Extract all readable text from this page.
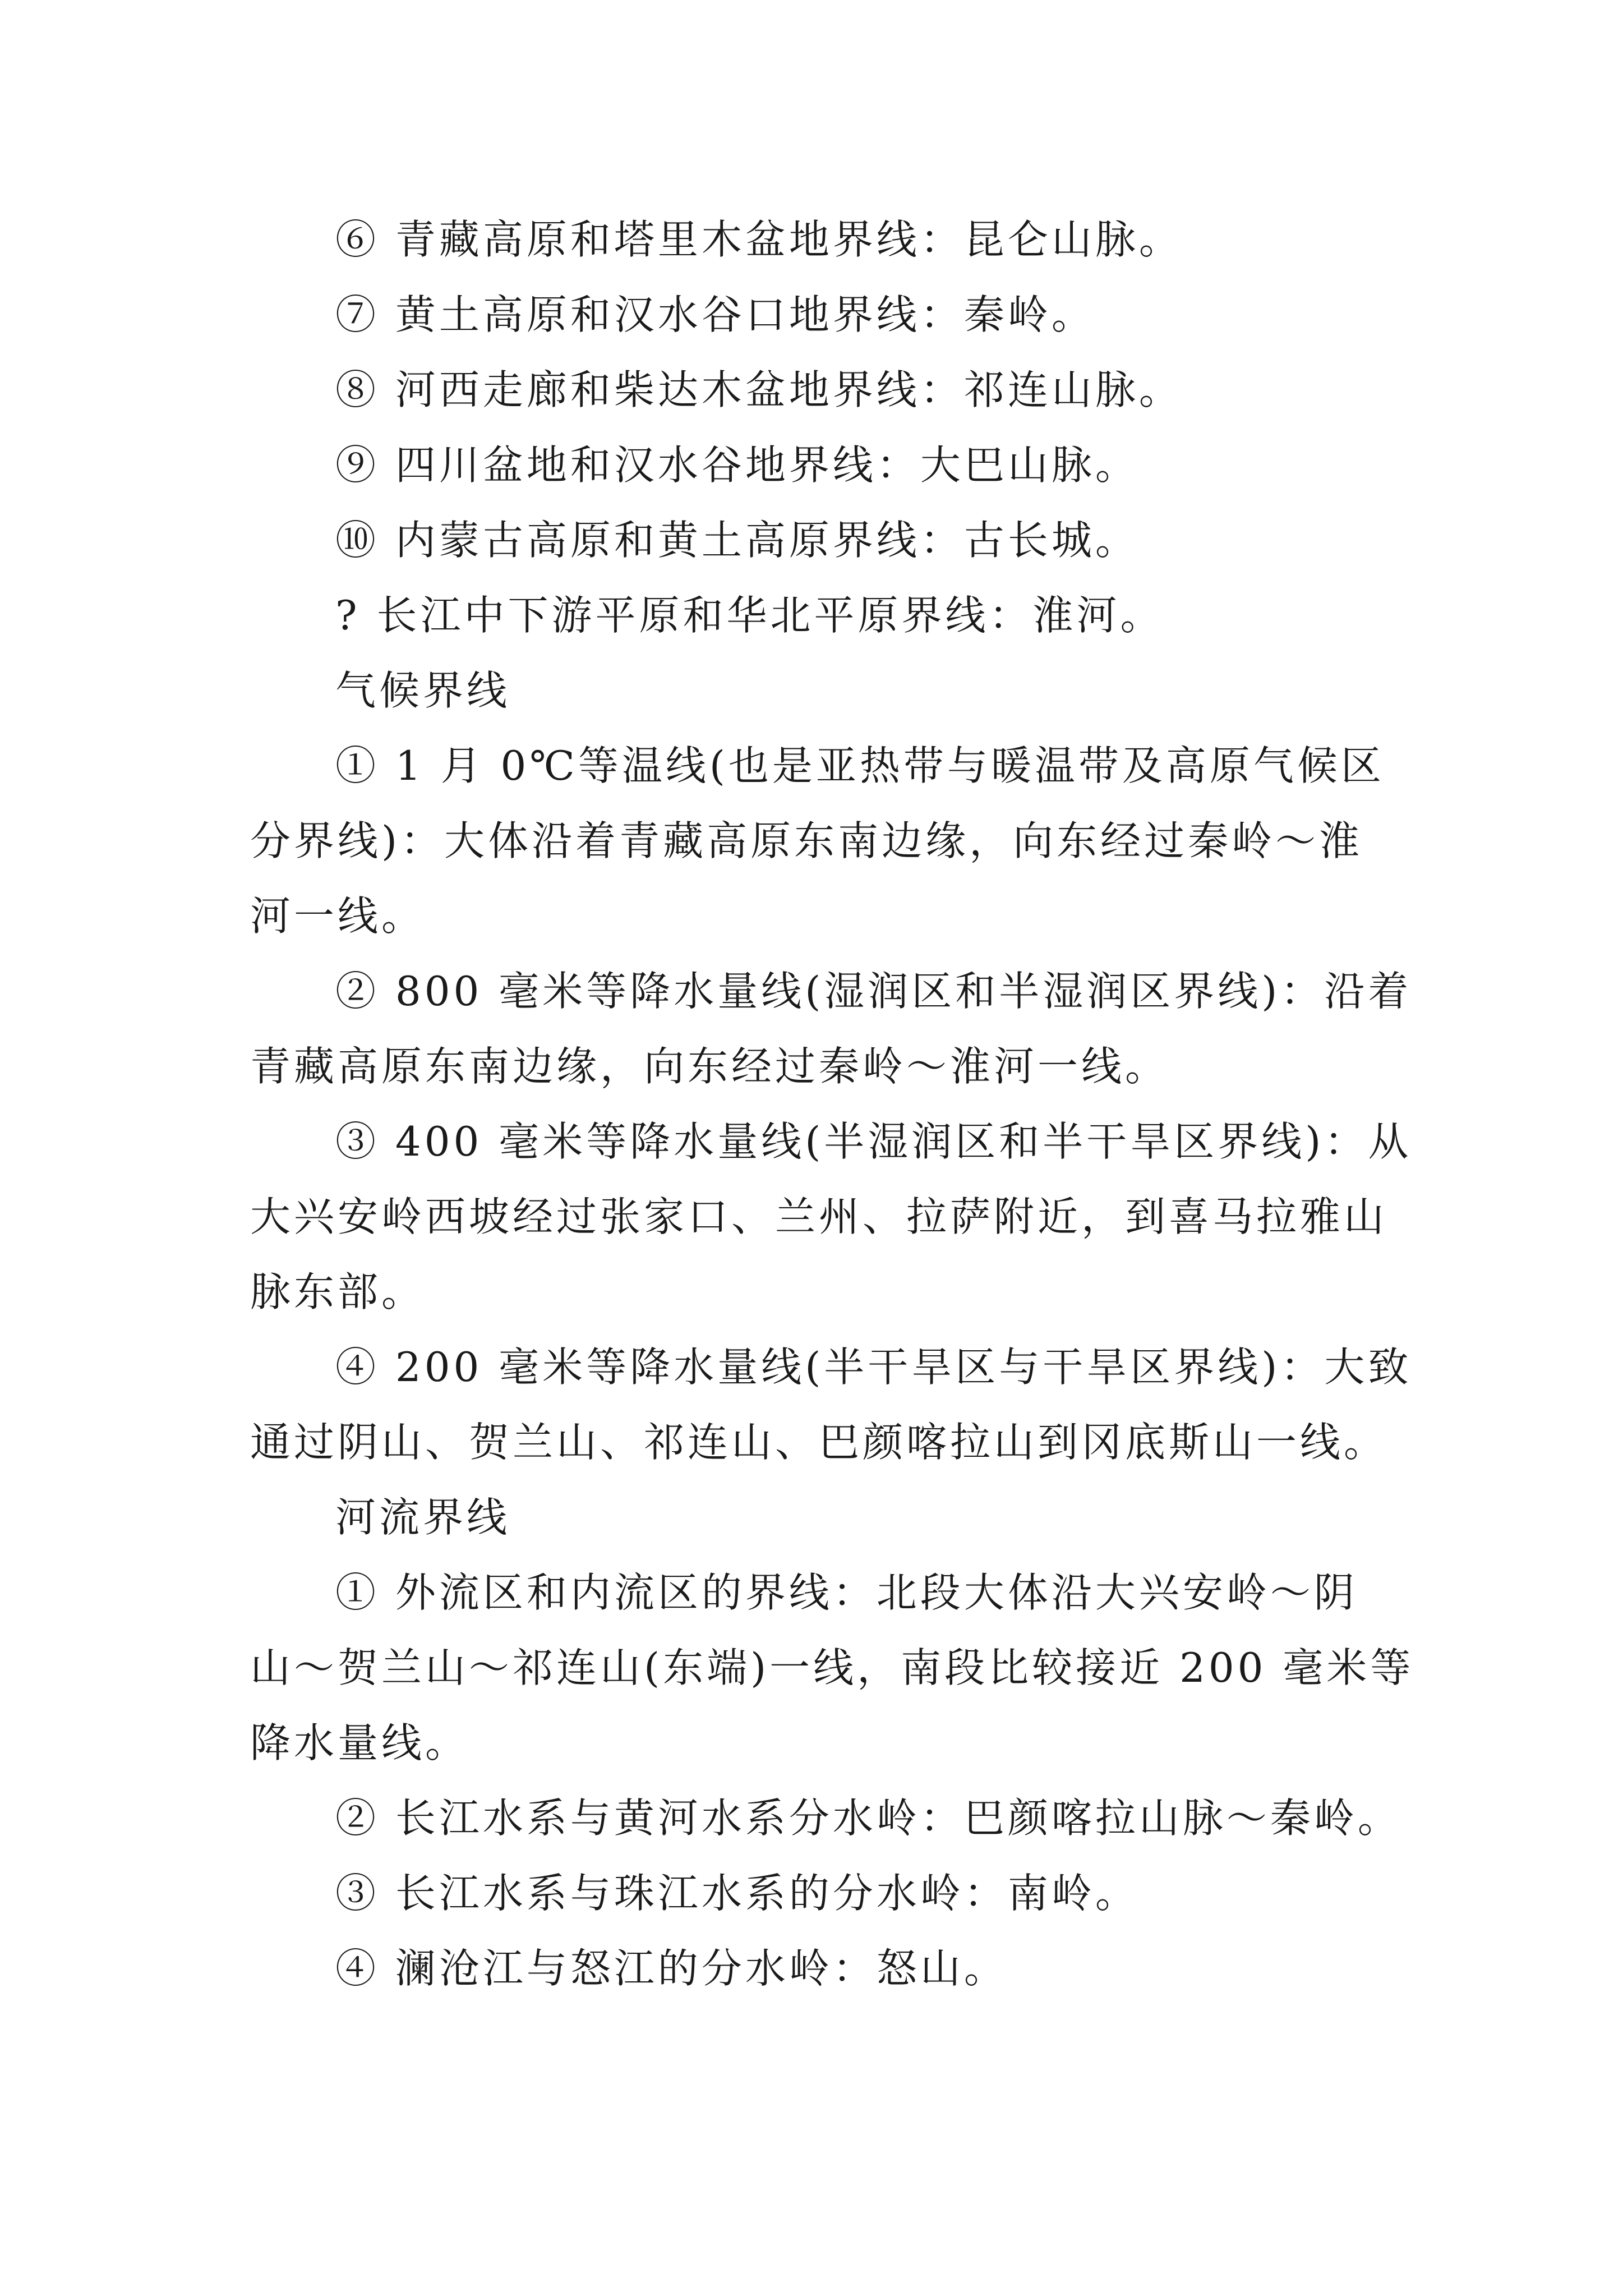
⑥ 青藏高原和塔里木盆地界线：昆仑山脉。
⑦ 黄土高原和汉水谷口地界线：秦岭。
⑧ 河西走廊和柴达木盆地界线：祁连山脉。
⑨ 四川盆地和汉水谷地界线：大巴山脉。
⑩ 内蒙古高原和黄土高原界线：古长城。
? 长江中下游平原和华北平原界线：淮河。
气候界线
① 1 月 0℃等温线(也是亚热带与暖温带及高原气候区
分界线)：大体沿着青藏高原东南边缘，向东经过秦岭～淮
河一线。
② 800 毫米等降水量线(湿润区和半湿润区界线)：沿着
青藏高原东南边缘，向东经过秦岭～淮河一线。
③ 400 毫米等降水量线(半湿润区和半干旱区界线)：从
大兴安岭西坡经过张家口、兰州、拉萨附近，到喜马拉雅山
脉东部。
④ 200 毫米等降水量线(半干旱区与干旱区界线)：大致
通过阴山、贺兰山、祁连山、巴颜喀拉山到冈底斯山一线。
河流界线
① 外流区和内流区的界线：北段大体沿大兴安岭～阴
山～贺兰山～祁连山(东端)一线，南段比较接近 200 毫米等
降水量线。
② 长江水系与黄河水系分水岭：巴颜喀拉山脉～秦岭。
③ 长江水系与珠江水系的分水岭：南岭。
④ 澜沧江与怒江的分水岭：怒山。
